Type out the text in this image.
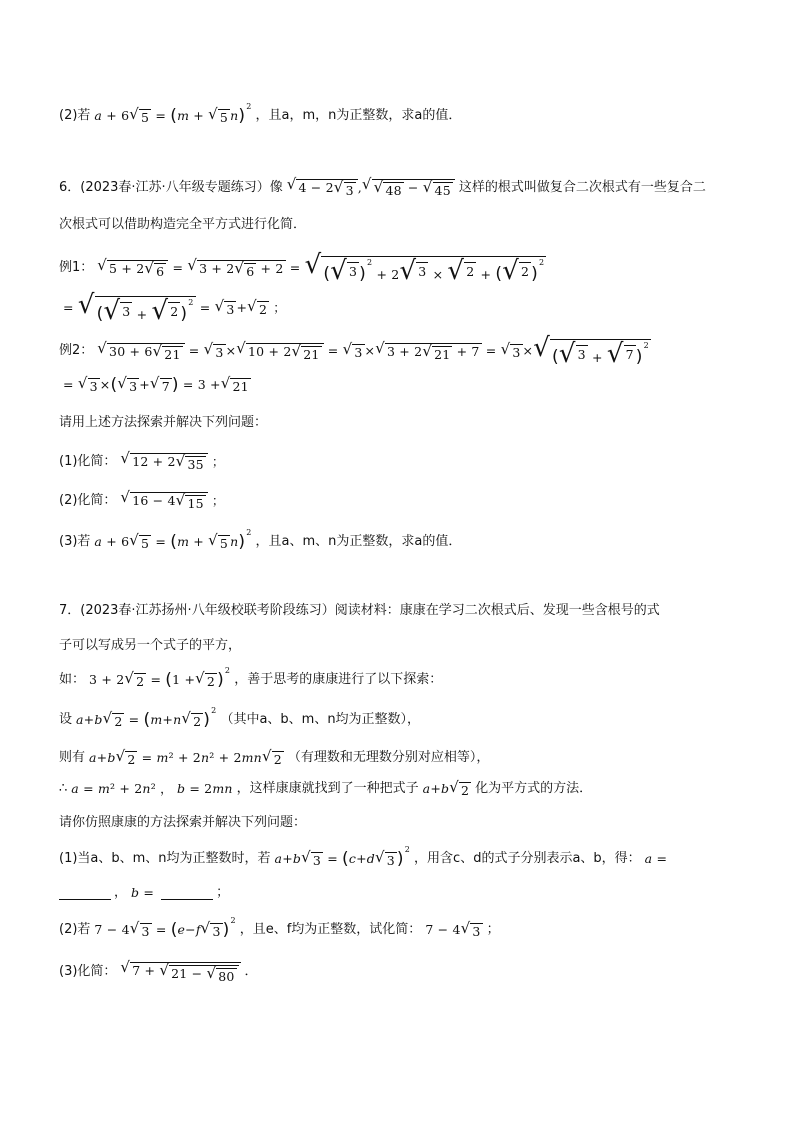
(2)若 a + 6 √ 5 = ( m + √ 5 n )$^2$
，且a，m，n为正整数，求a的值．
6．(2023春·江苏·八年级专题练习）像 √ 4 − 2 √ 3 , √ √ 48 − √ 45 这样的根式叫做复合二次根式有一些复合二
次根式可以借助构造完全平方式进行化简．
例1： √ 5 + 2 √ 6 = √ 3 + 2 √ 6 + 2 = √ ( √ 3 )$^2$ + 2 √ 3 × √ 2 + ( √ 2 )$^2$
= √ ( √ 3 + √ 2 )$^2$ = √ 3 + √ 2 ；
例2： √ 30 + 6 √ 21 = √ 3 × √ 10 + 2 √ 21 = √ 3 × √ 3 + 2 √ 21 + 7 = √ 3 × √ ( √ 3 + √ 7 )$^2$
= √ 3 × ( √ 3 + √ 7 ) = 3 + √ 21
请用上述方法探索并解决下列问题：
(1)化简： √ 12 + 2 √ 35 ；
(2)化简： √ 16 − 4 √ 15 ；
(3)若 a + 6 √ 5 = ( m + √ 5 n )$^2$
，且a、m、n为正整数，求a的值．
7．(2023春·江苏扬州·八年级校联考阶段练习）阅读材料：康康在学习二次根式后、发现一些含根号的式
子可以写成另一个式子的平方，
如： 3 + 2 √ 2 = ( 1 + √ 2 )$^2$
，善于思考的康康进行了以下探索：
设 a + b √ 2 = ( m + n √ 2 )$^2$
（其中a、b、m、n均为正整数），
则有 a + b √ 2 = m ² + 2 n ² + 2 mn √ 2 （有理数和无理数分别对应相等），
∴ a = m ² + 2 n ² ， b = 2 mn ，这样康康就找到了一种把式子 a + b √ 2 化为平方式的方法．
请你仿照康康的方法探索并解决下列问题：
(1)当a、b、m、n均为正整数时，若 a + b √ 3 = ( c + d √ 3 )$^2$
，用含c、d的式子分别表示a、b，得： a =
， b =	；
(2)若 7 − 4 √ 3 = ( e − f √ 3 )$^2$
，且e、f均为正整数，试化简： 7 − 4 √ 3 ；
(3)化简： √ 7 + √ 21 − √ 80 ．
